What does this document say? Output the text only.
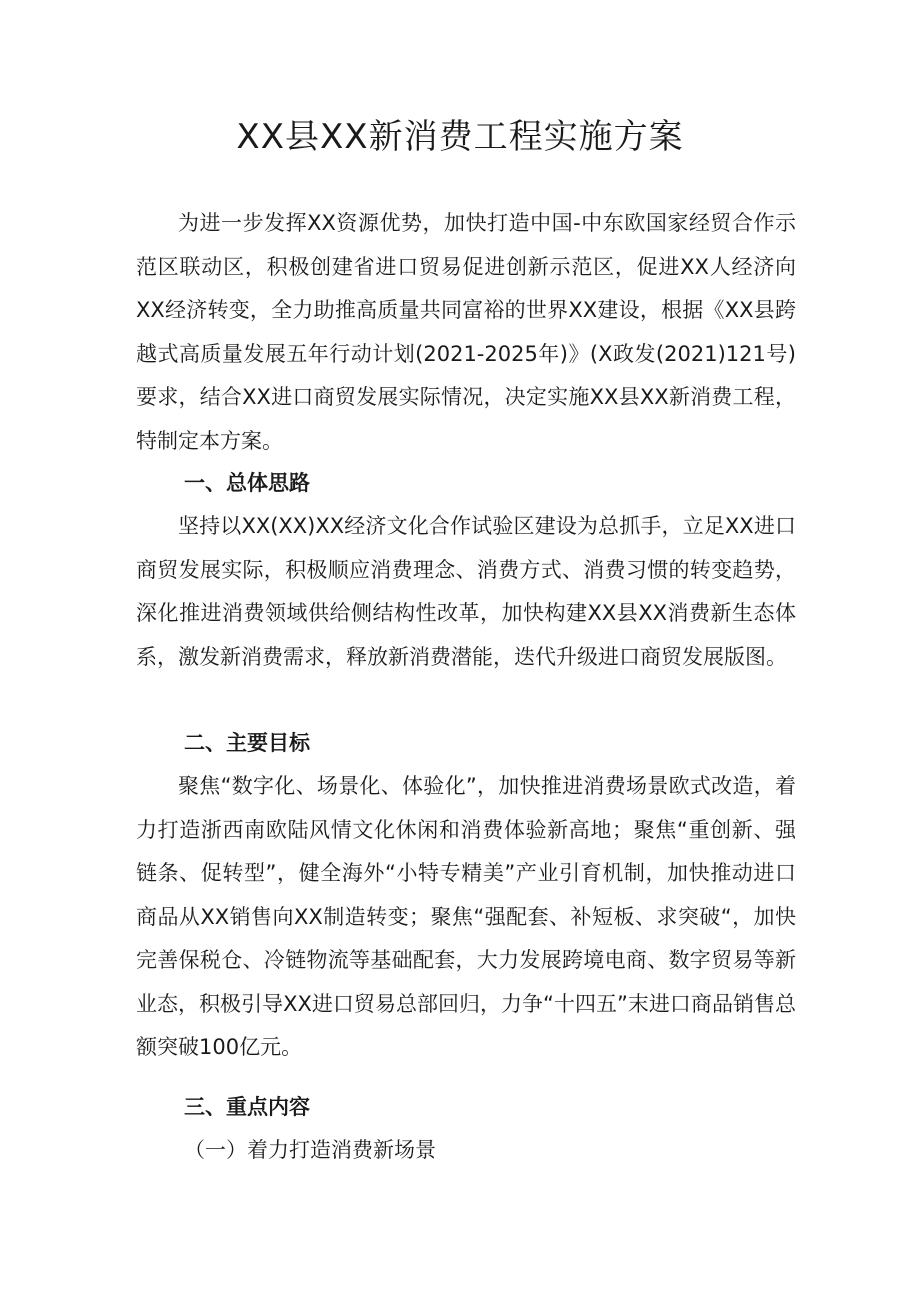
XX县XX新消费工程实施方案

为进一步发挥XX资源优势，加快打造中国-中东欧国家经贸合作示范区联动区，积极创建省进口贸易促进创新示范区，促进XX人经济向XX经济转变，全力助推高质量共同富裕的世界XX建设，根据《XX县跨越式高质量发展五年行动计划(2021-2025年)》(X政发(2021)121号)要求，结合XX进口商贸发展实际情况，决定实施XX县XX新消费工程，特制定本方案。

一、总体思路

坚持以XX(XX)XX经济文化合作试验区建设为总抓手，立足XX进口商贸发展实际，积极顺应消费理念、消费方式、消费习惯的转变趋势，深化推进消费领域供给侧结构性改革，加快构建XX县XX消费新生态体系，激发新消费需求，释放新消费潜能，迭代升级进口商贸发展版图。

二、主要目标

聚焦“数字化、场景化、体验化”，加快推进消费场景欧式改造，着力打造浙西南欧陆风情文化休闲和消费体验新高地；聚焦“重创新、强链条、促转型”，健全海外“小特专精美”产业引育机制，加快推动进口商品从XX销售向XX制造转变；聚焦“强配套、补短板、求突破“，加快完善保税仓、冷链物流等基础配套，大力发展跨境电商、数字贸易等新业态，积极引导XX进口贸易总部回归，力争“十四五”末进口商品销售总额突破100亿元。

三、重点内容

（一）着力打造消费新场景
